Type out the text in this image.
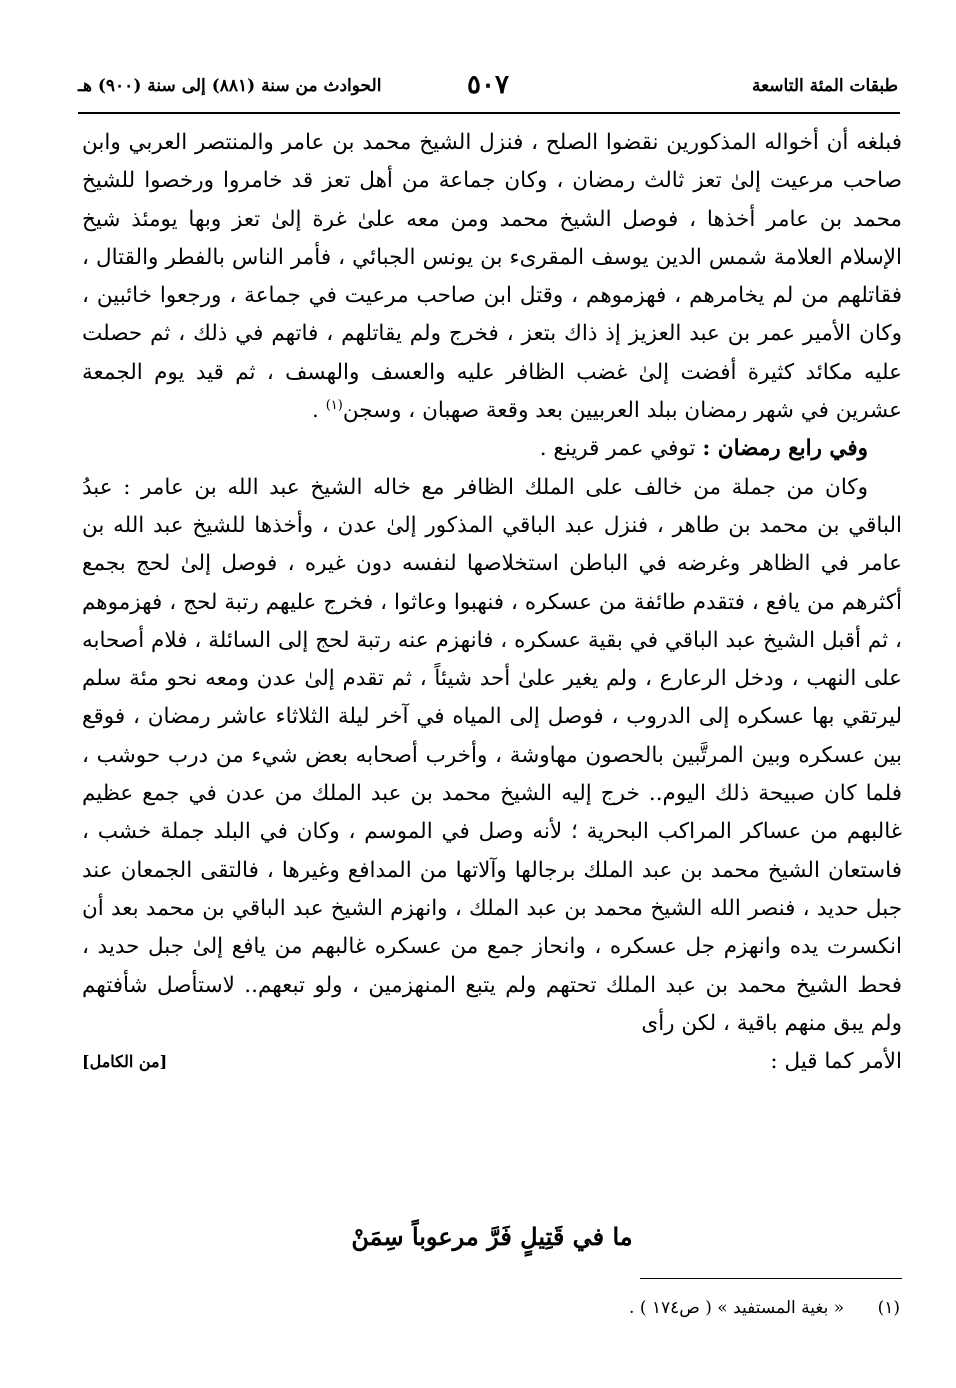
طبقات المئة التاسعة
٥٠٧
الحوادث من سنة (٨٨١) إلى سنة (٩٠٠) هـ

فبلغه أن أخواله المذكورين نقضوا الصلح ، فنزل الشيخ محمد بن عامر والمنتصر العربي وابن صاحب مرعيت إلىٰ تعز ثالث رمضان ، وكان جماعة من أهل تعز قد خامروا ورخصوا للشيخ محمد بن عامر أخذها ، فوصل الشيخ محمد ومن معه علىٰ غرة إلىٰ تعز وبها يومئذ شيخ الإسلام العلامة شمس الدين يوسف المقرىء بن يونس الجبائي ، فأمر الناس بالفطر والقتال ، فقاتلهم من لم يخامرهم ، فهزموهم ، وقتل ابن صاحب مرعيت في جماعة ، ورجعوا خائبين ، وكان الأمير عمر بن عبد العزيز إذ ذاك بتعز ، فخرج ولم يقاتلهم ، فاتهم في ذلك ، ثم حصلت عليه مكائد كثيرة أفضت إلىٰ غضب الظافر عليه والعسف والهسف ، ثم قيد يوم الجمعة عشرين في شهر رمضان ببلد العربيين بعد وقعة صهبان ، وسجن$^{(١)}$ .

وفي رابع رمضان : توفي عمر قرينع .

وكان من جملة من خالف على الملك الظافر مع خاله الشيخ عبد الله بن عامر : عبدُ الباقي بن محمد بن طاهر ، فنزل عبد الباقي المذكور إلىٰ عدن ، وأخذها للشيخ عبد الله بن عامر في الظاهر وغرضه في الباطن استخلاصها لنفسه دون غيره ، فوصل إلىٰ لحج بجمع أكثرهم من يافع ، فتقدم طائفة من عسكره ، فنهبوا وعاثوا ، فخرج عليهم رتبة لحج ، فهزموهم ، ثم أقبل الشيخ عبد الباقي في بقية عسكره ، فانهزم عنه رتبة لحج إلى السائلة ، فلام أصحابه على النهب ، ودخل الرعارع ، ولم يغير علىٰ أحد شيئاً ، ثم تقدم إلىٰ عدن ومعه نحو مئة سلم ليرتقي بها عسكره إلى الدروب ، فوصل إلى المياه في آخر ليلة الثلاثاء عاشر رمضان ، فوقع بين عسكره وبين المرتَّبين بالحصون مهاوشة ، وأخرب أصحابه بعض شيء من درب حوشب ، فلما كان صبيحة ذلك اليوم.. خرج إليه الشيخ محمد بن عبد الملك من عدن في جمع عظيم غالبهم من عساكر المراكب البحرية ؛ لأنه وصل في الموسم ، وكان في البلد جملة خشب ، فاستعان الشيخ محمد بن عبد الملك برجالها وآلاتها من المدافع وغيرها ، فالتقى الجمعان عند جبل حديد ، فنصر الله الشيخ محمد بن عبد الملك ، وانهزم الشيخ عبد الباقي بن محمد بعد أن انكسرت يده وانهزم جل عسكره ، وانحاز جمع من عسكره غالبهم من يافع إلىٰ جبل حديد ، فحط الشيخ محمد بن عبد الملك تحتهم ولم يتبع المنهزمين ، ولو تبعهم.. لاستأصل شأفتهم ولم يبق منهم باقية ، لكن رأى

الأمر كما قيل :
[من الكامل]
ما في قَتِيلٍ فَرَّ مرعوباً سِمَنْ
(١) « بغية المستفيد » ( ص١٧٤ ) .
